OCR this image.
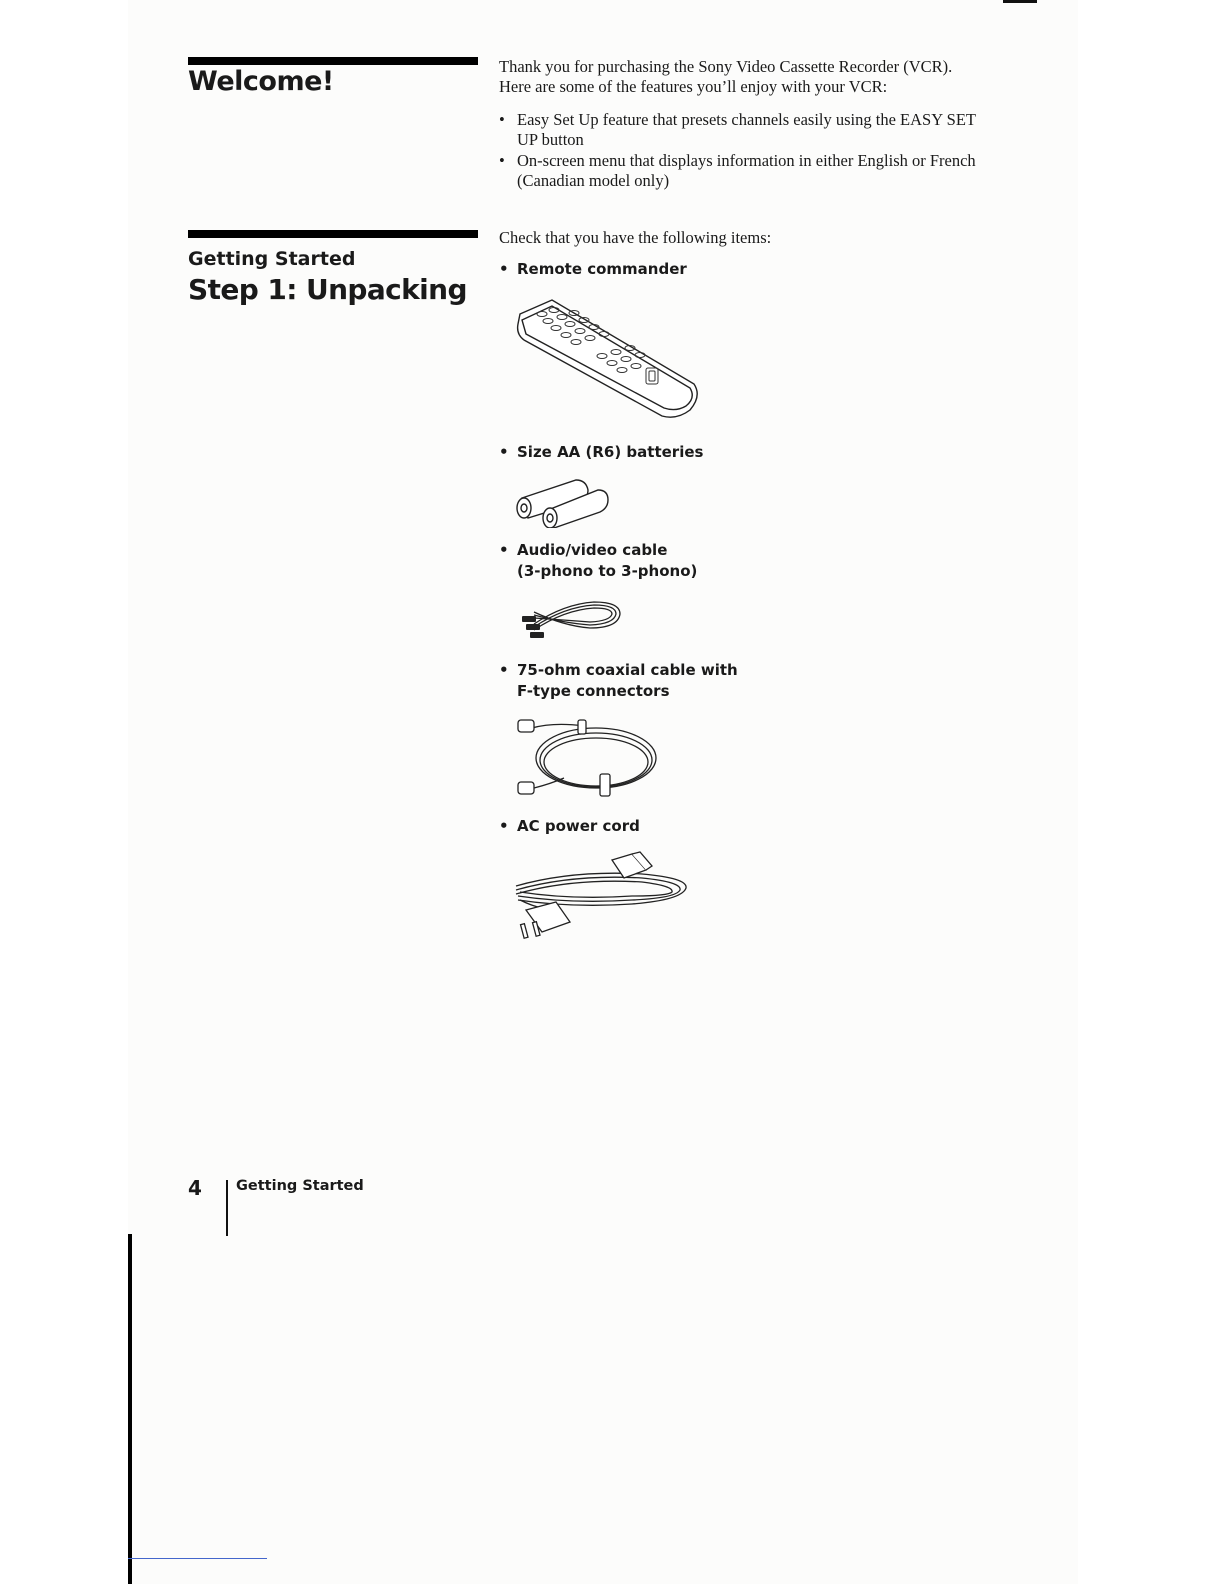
Welcome!	Thank you for purchasing the Sony Video Cassette Recorder (VCR).
Here are some of the features you’ll enjoy with your VCR:

• Easy Set Up feature that presets channels easily using the EASY SET
UP button
• On-screen menu that displays information in either English or French
(Canadian model only)
Getting Started
Step 1: Unpacking

Check that you have the following items:

• Remote commander

• Size AA (R6) batteries

• Audio/video cable
(3-phono to 3-phono)

• 75-ohm coaxial cable with
F-type connectors

• AC power cord

4 Getting Started
